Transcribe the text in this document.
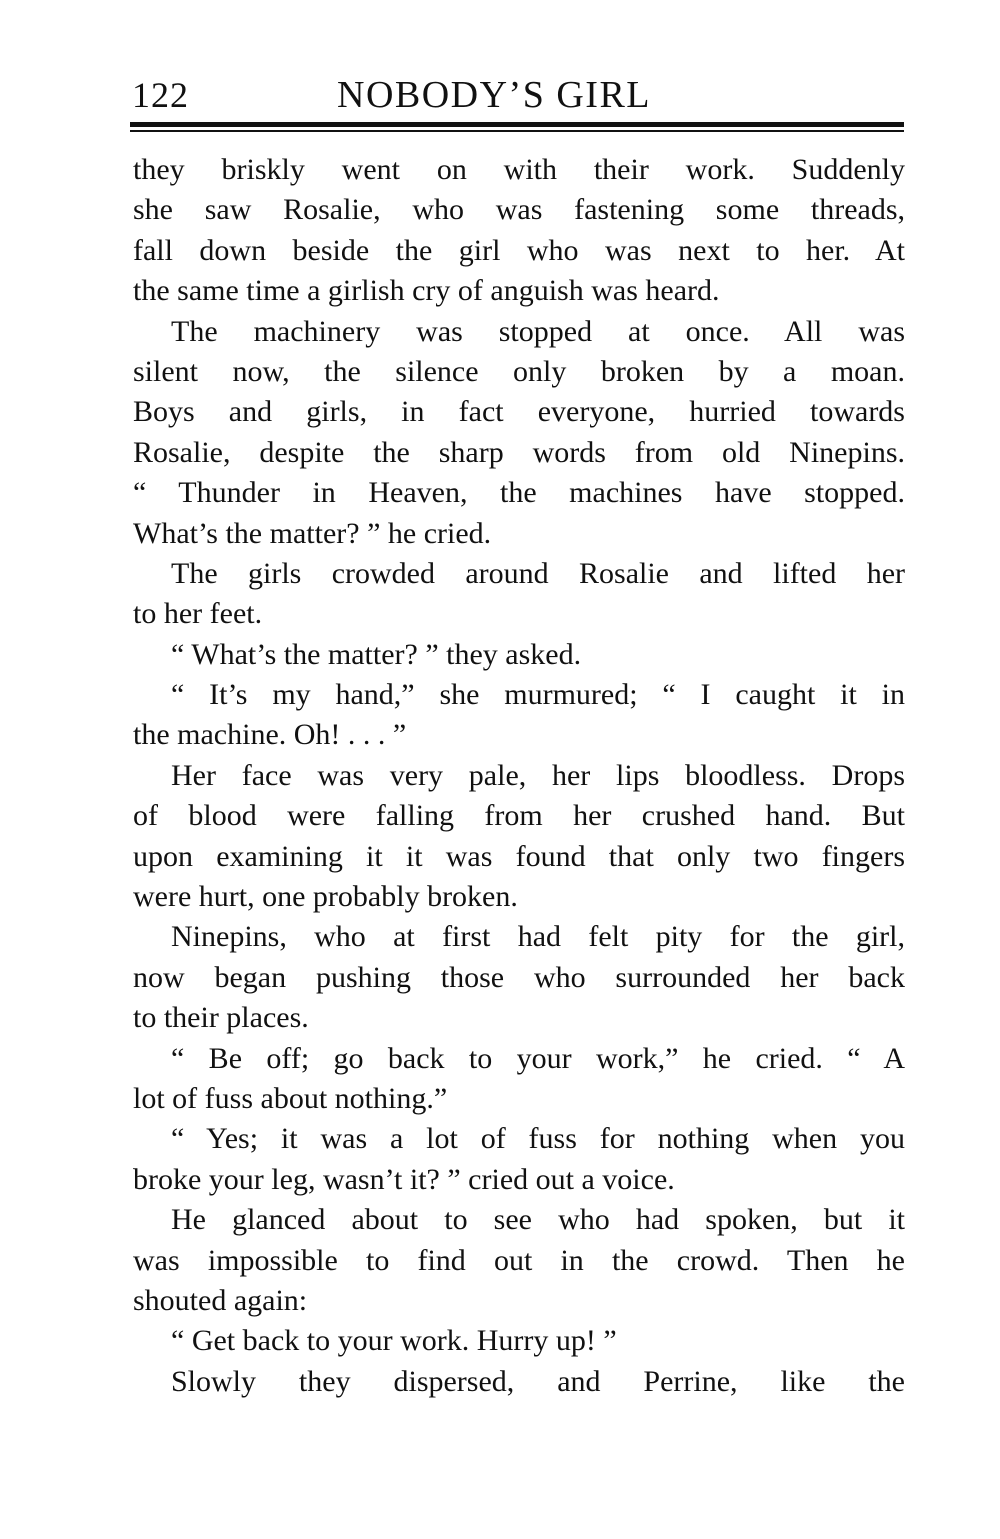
122	NOBODY’S GIRL
they briskly went on with their work. Suddenly
she saw Rosalie, who was fastening some threads,
fall down beside the girl who was next to her. At
the same time a girlish cry of anguish was heard.
The machinery was stopped at once. All was
silent now, the silence only broken by a moan.
Boys and girls, in fact everyone, hurried towards
Rosalie, despite the sharp words from old Ninepins.
“ Thunder in Heaven, the machines have stopped.
What’s the matter? ” he cried.
The girls crowded around Rosalie and lifted her
to her feet.
“ What’s the matter? ” they asked.
“ It’s my hand,” she murmured; “ I caught it in
the machine. Oh! . . . ”
Her face was very pale, her lips bloodless. Drops
of blood were falling from her crushed hand. But
upon examining it it was found that only two fingers
were hurt, one probably broken.
Ninepins, who at first had felt pity for the girl,
now began pushing those who surrounded her back
to their places.
“ Be off; go back to your work,” he cried. “ A
lot of fuss about nothing.”
“ Yes; it was a lot of fuss for nothing when you
broke your leg, wasn’t it? ” cried out a voice.
He glanced about to see who had spoken, but it
was impossible to find out in the crowd. Then he
shouted again:
“ Get back to your work. Hurry up! ”
Slowly they dispersed, and Perrine, like the
